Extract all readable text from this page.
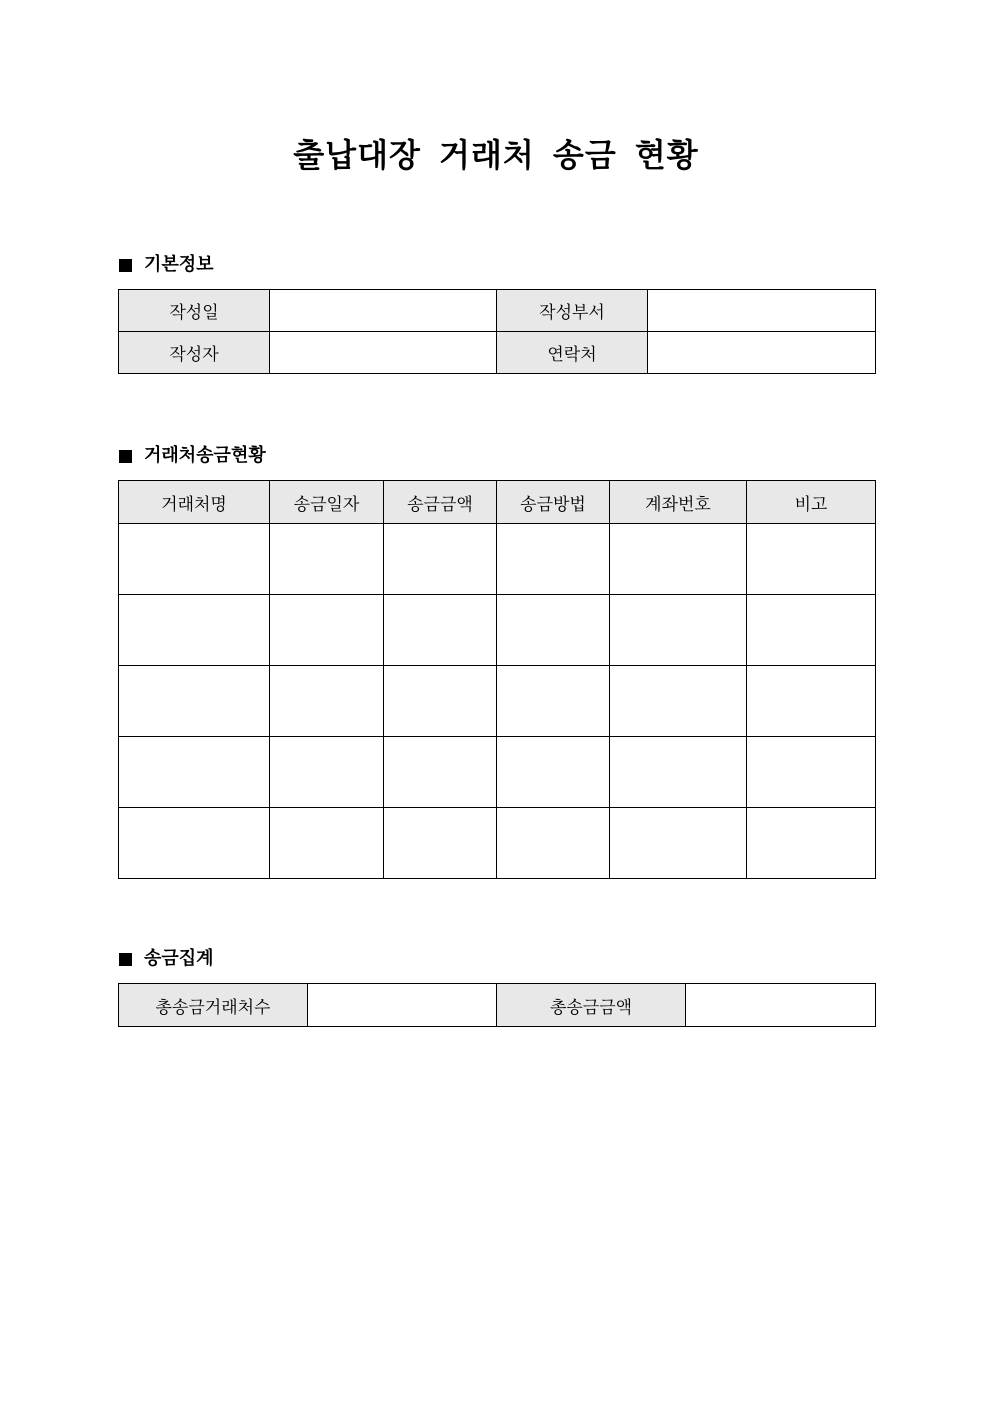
출납대장 거래처 송금 현황
기본정보
작성일		작성부서	
작성자		연락처	
거래처송금현황
거래처명	송금일자	송금금액	송금방법	계좌번호	비고

송금집계
총송금거래처수		총송금금액	
